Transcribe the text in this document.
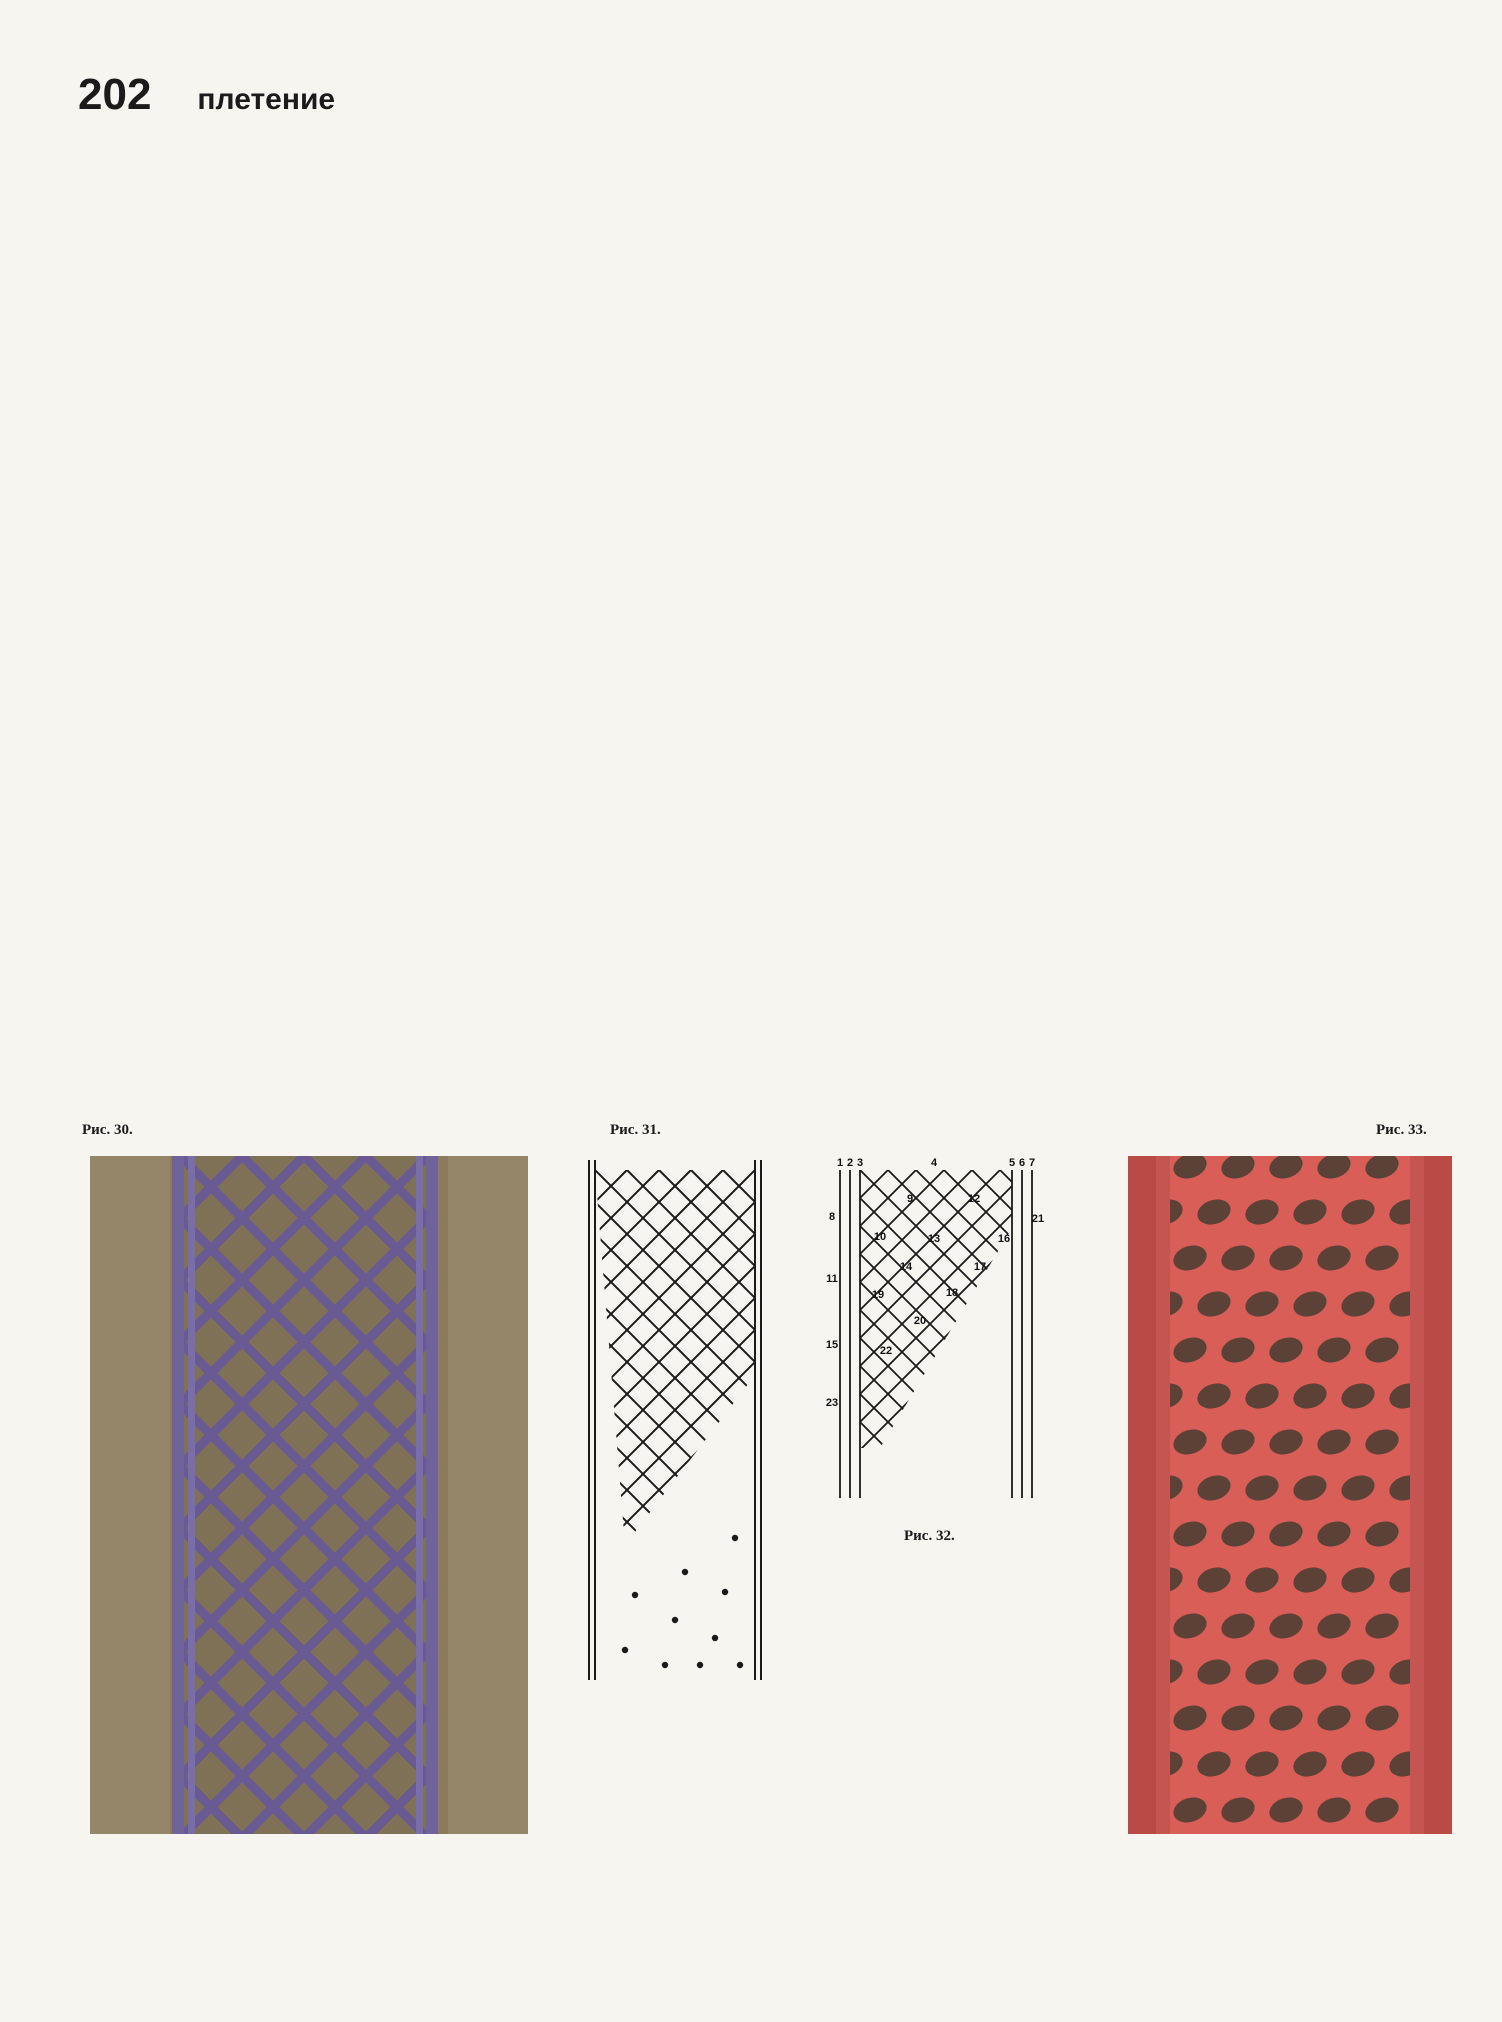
202 плетение
Рис. 30.	Рис. 31.
Рис. 32.
Рис. 33.
1 2 3	4	5 6 7
8
9
10
11
12
13
14
15
16
17
18
19
20
21
22
23
